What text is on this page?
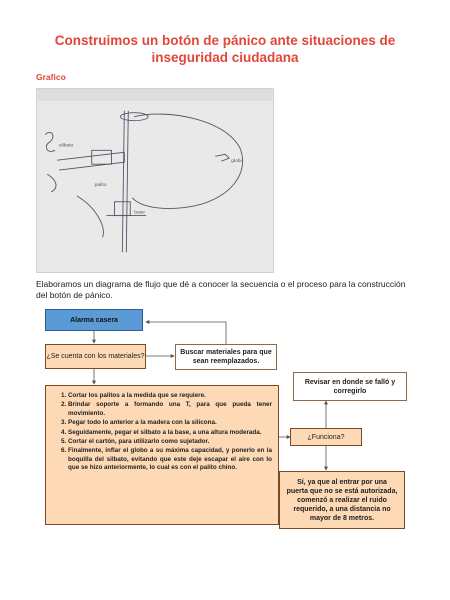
Construimos un botón de pánico ante situaciones de inseguridad ciudadana
Grafico
globo
silbato
palito
base
Elaboramos un diagrama de flujo que dé a conocer la secuencia o el proceso para la construcción del botón de pánico.
Alarma casera
¿Se cuenta con los materiales?
Buscar materiales para que sean reemplazados.
1. Cortar los palitos a la medida que se requiere.
2. Brindar soporte a formando una T, para que pueda tener movimiento.
3. Pegar todo lo anterior a la madera con la silicona.
4. Seguidamente, pegar el silbato a la base, a una altura moderada.
5. Cortar el cartón, para utilizarlo como sujetador.
6. Finalmente, inflar el globo a su máxima capacidad, y ponerlo en la boquilla del silbato, evitando que este deje escapar el aire con lo que se hizo anteriormente, lo cual es con el palito chino.
Revisar en donde se falló y corregirlo
¿Funciona?
Sí, ya que al entrar por una puerta que no se está autorizada, comenzó a realizar el ruido requerido, a una distancia no mayor de 8 metros.
